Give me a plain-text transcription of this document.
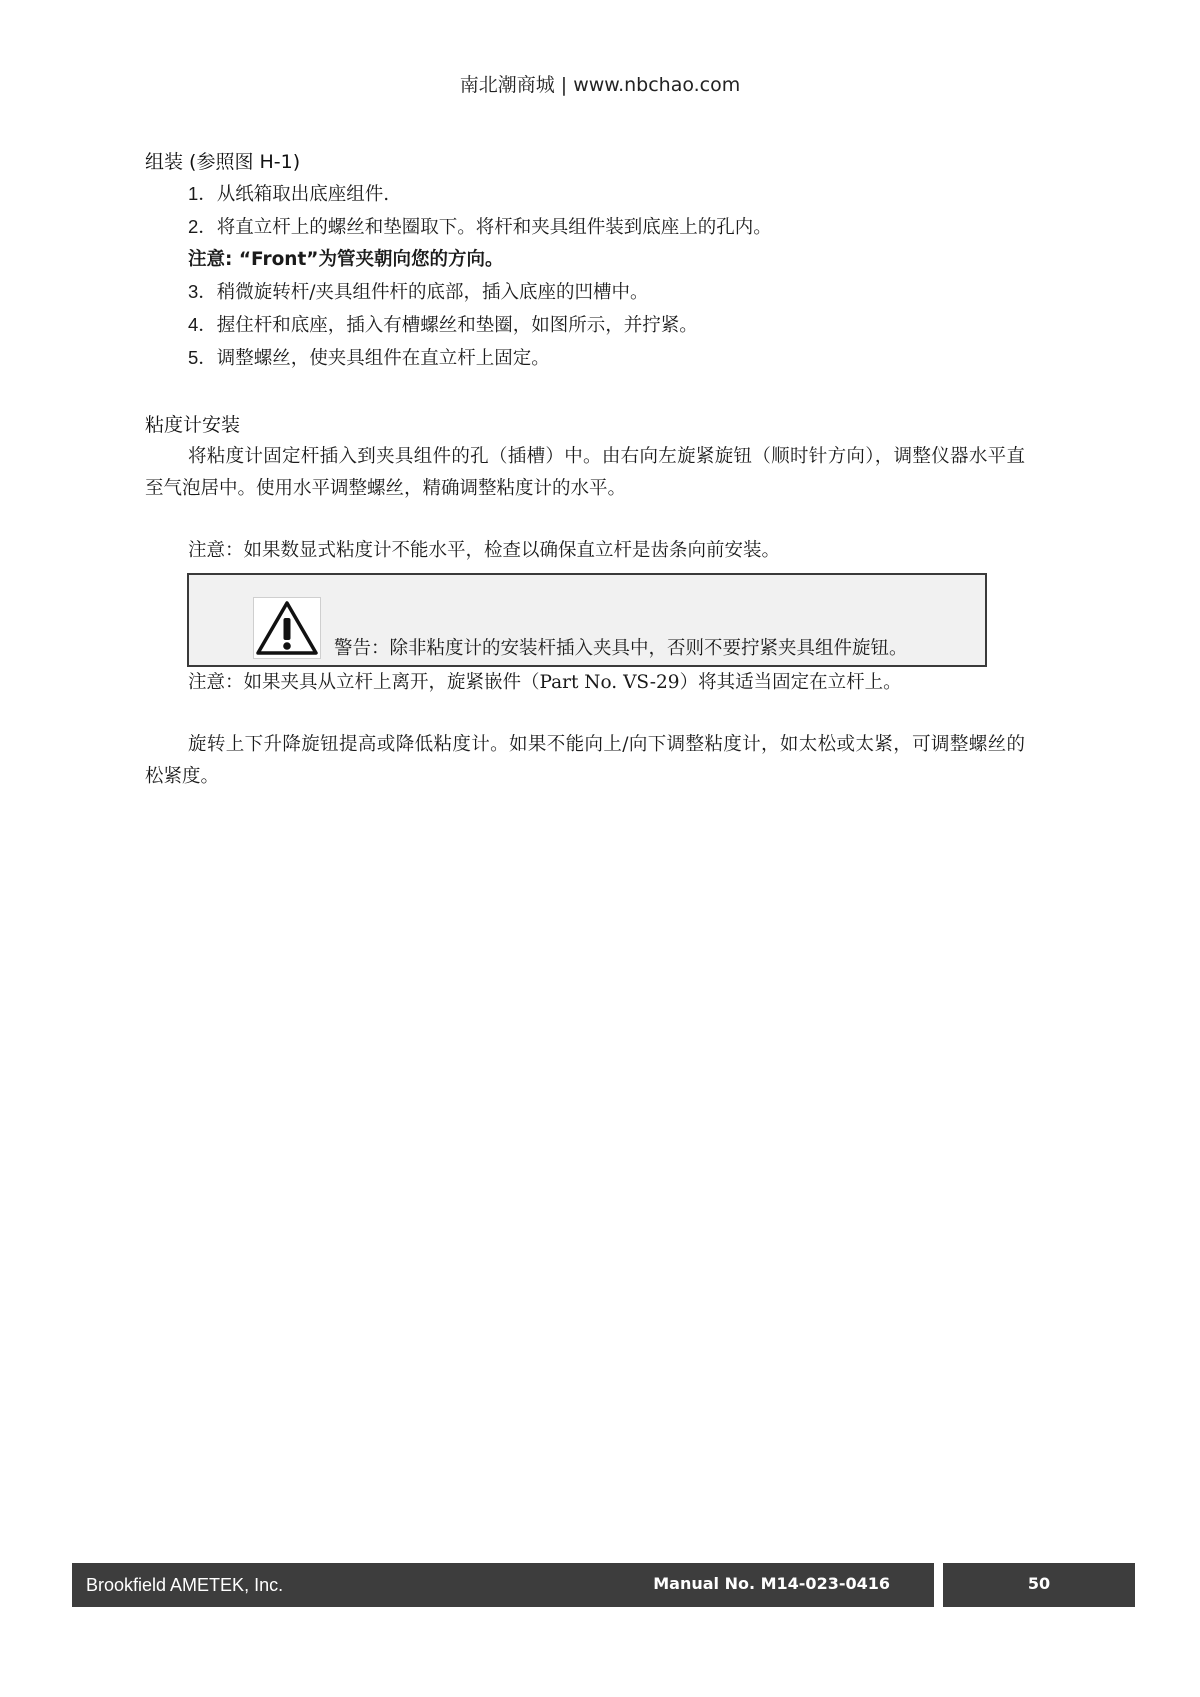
南北潮商城 | www.nbchao.com

组装 (参照图 H-1)

1．从纸箱取出底座组件.

2．将直立杆上的螺丝和垫圈取下。将杆和夹具组件装到底座上的孔内。

注意: “Front”为管夹朝向您的方向。

3．稍微旋转杆/夹具组件杆的底部，插入底座的凹槽中。

4．握住杆和底座，插入有槽螺丝和垫圈，如图所示，并拧紧。

5．调整螺丝，使夹具组件在直立杆上固定。

粘度计安装

将粘度计固定杆插入到夹具组件的孔（插槽）中。由右向左旋紧旋钮（顺时针方向），调整仪器水平直至气泡居中。使用水平调整螺丝，精确调整粘度计的水平。

注意：如果数显式粘度计不能水平，检查以确保直立杆是齿条向前安装。

警告：除非粘度计的安装杆插入夹具中，否则不要拧紧夹具组件旋钮。

注意：如果夹具从立杆上离开，旋紧嵌件（Part No. VS-29）将其适当固定在立杆上。

旋转上下升降旋钮提高或降低粘度计。如果不能向上/向下调整粘度计，如太松或太紧，可调整螺丝的松紧度。

Brookfield AMETEK, Inc.	Manual No. M14-023-0416	50
